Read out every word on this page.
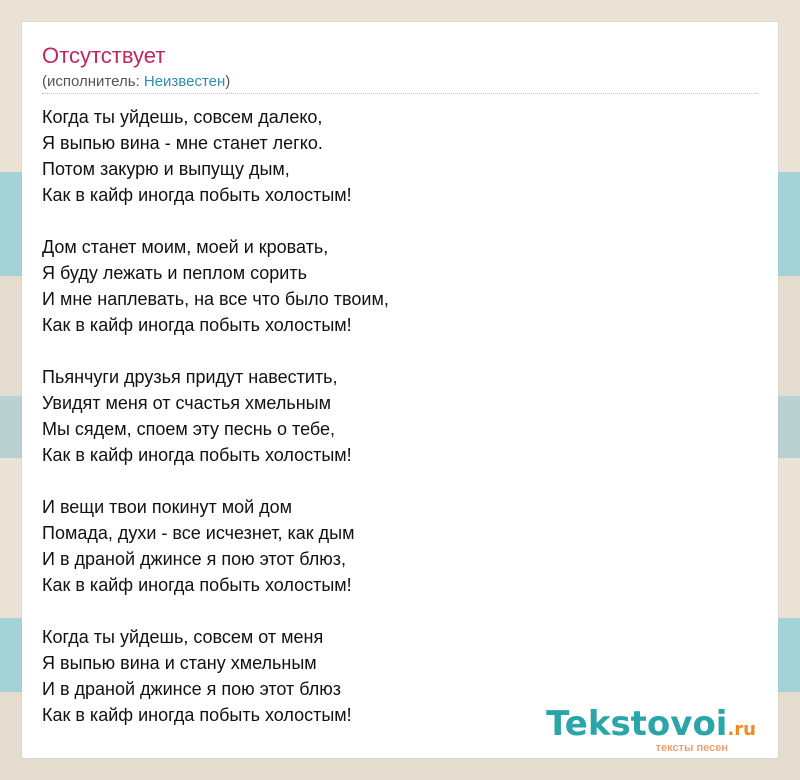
Отсутствует
(исполнитель: Неизвестен)
Когда ты уйдешь, совсем далеко,
Я выпью вина - мне станет легко.
Потом закурю и выпущу дым,
Как в кайф иногда побыть холостым!
Дом станет моим, моей и кровать,
Я буду лежать и пеплом сорить
И мне наплевать, на все что было твоим,
Как в кайф иногда побыть холостым!
Пьянчуги друзья придут навестить,
Увидят меня от счастья хмельным
Мы сядем, споем эту песнь о тебе,
Как в кайф иногда побыть холостым!
И вещи твои покинут мой дом
Помада, духи - все исчезнет, как дым
И в драной джинсе я пою этот блюз,
Как в кайф иногда побыть холостым!
Когда ты уйдешь, совсем от меня
Я выпью вина и стану хмельным
И в драной джинсе я пою этот блюз
Как в кайф иногда побыть холостым!	Tekstovoi.ru
тексты песен
